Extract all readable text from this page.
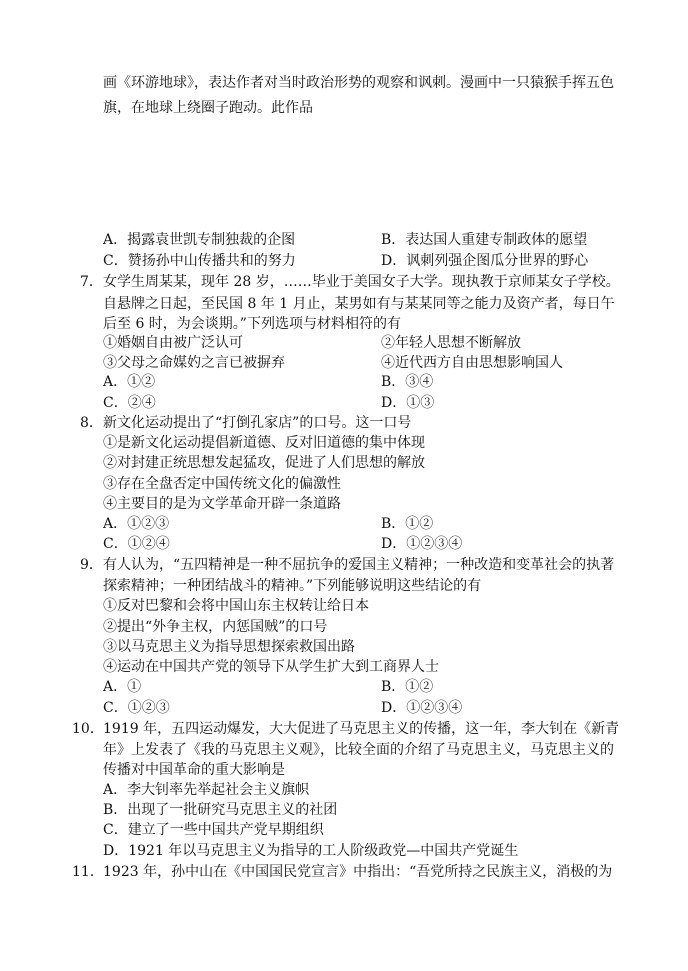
画《环游地球》，表达作者对当时政治形势的观察和讽刺。漫画中一只猿猴手挥五色
旗，在地球上绕圈子跑动。此作品
A．揭露袁世凯专制独裁的企图	B．表达国人重建专制政体的愿望
C．赞扬孙中山传播共和的努力	D．讽刺列强企图瓜分世界的野心
7． 女学生周某某，现年 28 岁，……毕业于美国女子大学。现执教于京师某女子学校。
自悬牌之日起，至民国 8 年 1 月止，某男如有与某某同等之能力及资产者，每日午
后至 6 时，为会谈期。”下列选项与材料相符的有
①婚姻自由被广泛认可	②年轻人思想不断解放
③父母之命媒妁之言已被摒弃	④近代西方自由思想影响国人
A．①②	B．③④
C．②④	D．①③
8． 新文化运动提出了“打倒孔家店”的口号。这一口号
①是新文化运动提倡新道德、反对旧道德的集中体现
②对封建正统思想发起猛攻，促进了人们思想的解放
③存在全盘否定中国传统文化的偏激性
④主要目的是为文学革命开辟一条道路
A．①②③	B．①②
C．①②④	D．①②③④
9． 有人认为，“五四精神是一种不屈抗争的爱国主义精神；一种改造和变革社会的执著
探索精神；一种团结战斗的精神。”下列能够说明这些结论的有
①反对巴黎和会将中国山东主权转让给日本
②提出“外争主权，内惩国贼”的口号
③以马克思主义为指导思想探索救国出路
④运动在中国共产党的领导下从学生扩大到工商界人士
A．①	B．①②
C．①②③	D．①②③④
10． 1919 年，五四运动爆发，大大促进了马克思主义的传播，这一年，李大钊在《新青
年》上发表了《我的马克思主义观》，比较全面的介绍了马克思主义，马克思主义的
传播对中国革命的重大影响是
A．李大钊率先举起社会主义旗帜
B．出现了一批研究马克思主义的社团
C．建立了一些中国共产党早期组织
D．1921 年以马克思主义为指导的工人阶级政党—中国共产党诞生
11． 1923 年，孙中山在《中国国民党宣言》中指出：“吾党所持之民族主义，消极的为
